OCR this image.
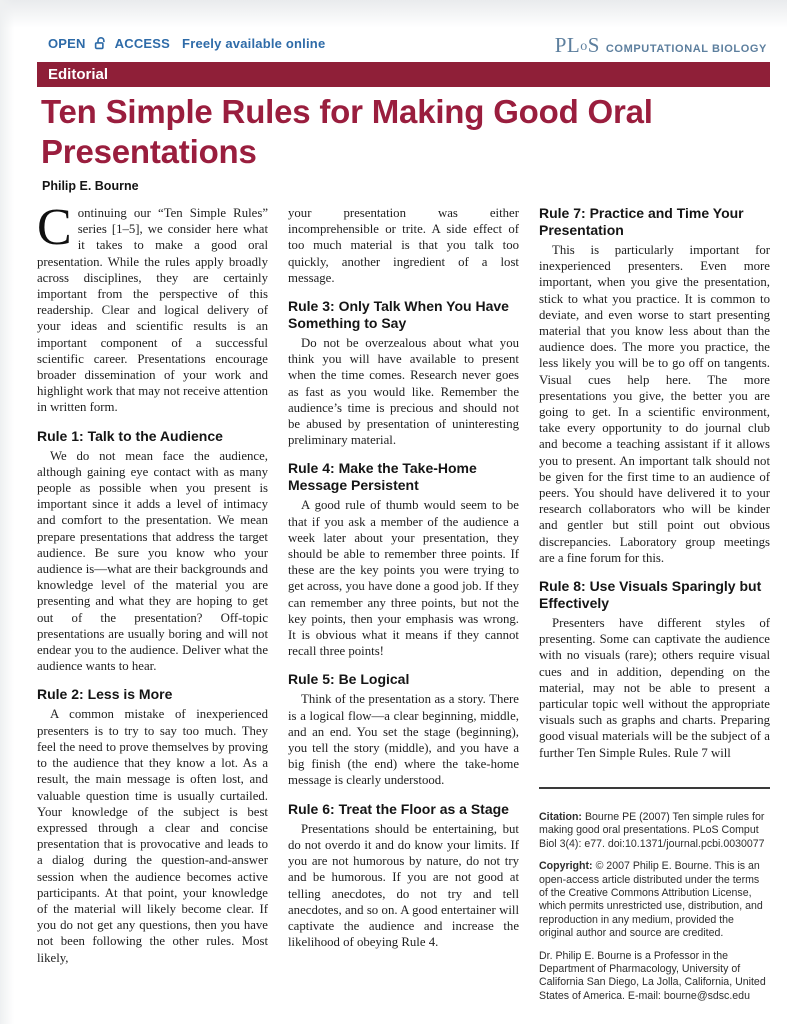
OPEN ACCESS Freely available online	PLoS COMPUTATIONAL BIOLOGY
Editorial
Ten Simple Rules for Making Good Oral Presentations
Philip E. Bourne

Continuing our “Ten Simple Rules” series [1–5], we consider here what it takes to make a good oral presentation. While the rules apply broadly across disciplines, they are certainly important from the perspective of this readership. Clear and logical delivery of your ideas and scientific results is an important component of a successful scientific career. Presentations encourage broader dissemination of your work and highlight work that may not receive attention in written form.

Rule 1: Talk to the Audience

We do not mean face the audience, although gaining eye contact with as many people as possible when you present is important since it adds a level of intimacy and comfort to the presentation. We mean prepare presentations that address the target audience. Be sure you know who your audience is—what are their backgrounds and knowledge level of the material you are presenting and what they are hoping to get out of the presentation? Off-topic presentations are usually boring and will not endear you to the audience. Deliver what the audience wants to hear.

Rule 2: Less is More

A common mistake of inexperienced presenters is to try to say too much. They feel the need to prove themselves by proving to the audience that they know a lot. As a result, the main message is often lost, and valuable question time is usually curtailed. Your knowledge of the subject is best expressed through a clear and concise presentation that is provocative and leads to a dialog during the question-and-answer session when the audience becomes active participants. At that point, your knowledge of the material will likely become clear. If you do not get any questions, then you have not been following the other rules. Most likely,

your presentation was either incomprehensible or trite. A side effect of too much material is that you talk too quickly, another ingredient of a lost message.

Rule 3: Only Talk When You Have Something to Say

Do not be overzealous about what you think you will have available to present when the time comes. Research never goes as fast as you would like. Remember the audience’s time is precious and should not be abused by presentation of uninteresting preliminary material.

Rule 4: Make the Take-Home Message Persistent

A good rule of thumb would seem to be that if you ask a member of the audience a week later about your presentation, they should be able to remember three points. If these are the key points you were trying to get across, you have done a good job. If they can remember any three points, but not the key points, then your emphasis was wrong. It is obvious what it means if they cannot recall three points!

Rule 5: Be Logical

Think of the presentation as a story. There is a logical flow—a clear beginning, middle, and an end. You set the stage (beginning), you tell the story (middle), and you have a big finish (the end) where the take-home message is clearly understood.

Rule 6: Treat the Floor as a Stage

Presentations should be entertaining, but do not overdo it and do know your limits. If you are not humorous by nature, do not try and be humorous. If you are not good at telling anecdotes, do not try and tell anecdotes, and so on. A good entertainer will captivate the audience and increase the likelihood of obeying Rule 4.

Rule 7: Practice and Time Your Presentation

This is particularly important for inexperienced presenters. Even more important, when you give the presentation, stick to what you practice. It is common to deviate, and even worse to start presenting material that you know less about than the audience does. The more you practice, the less likely you will be to go off on tangents. Visual cues help here. The more presentations you give, the better you are going to get. In a scientific environment, take every opportunity to do journal club and become a teaching assistant if it allows you to present. An important talk should not be given for the first time to an audience of peers. You should have delivered it to your research collaborators who will be kinder and gentler but still point out obvious discrepancies. Laboratory group meetings are a fine forum for this.

Rule 8: Use Visuals Sparingly but Effectively

Presenters have different styles of presenting. Some can captivate the audience with no visuals (rare); others require visual cues and in addition, depending on the material, may not be able to present a particular topic well without the appropriate visuals such as graphs and charts. Preparing good visual materials will be the subject of a further Ten Simple Rules. Rule 7 will

Citation: Bourne PE (2007) Ten simple rules for making good oral presentations. PLoS Comput Biol 3(4): e77. doi:10.1371/journal.pcbi.0030077

Copyright: © 2007 Philip E. Bourne. This is an open-access article distributed under the terms of the Creative Commons Attribution License, which permits unrestricted use, distribution, and reproduction in any medium, provided the original author and source are credited.

Dr. Philip E. Bourne is a Professor in the Department of Pharmacology, University of California San Diego, La Jolla, California, United States of America. E-mail: bourne@sdsc.edu
